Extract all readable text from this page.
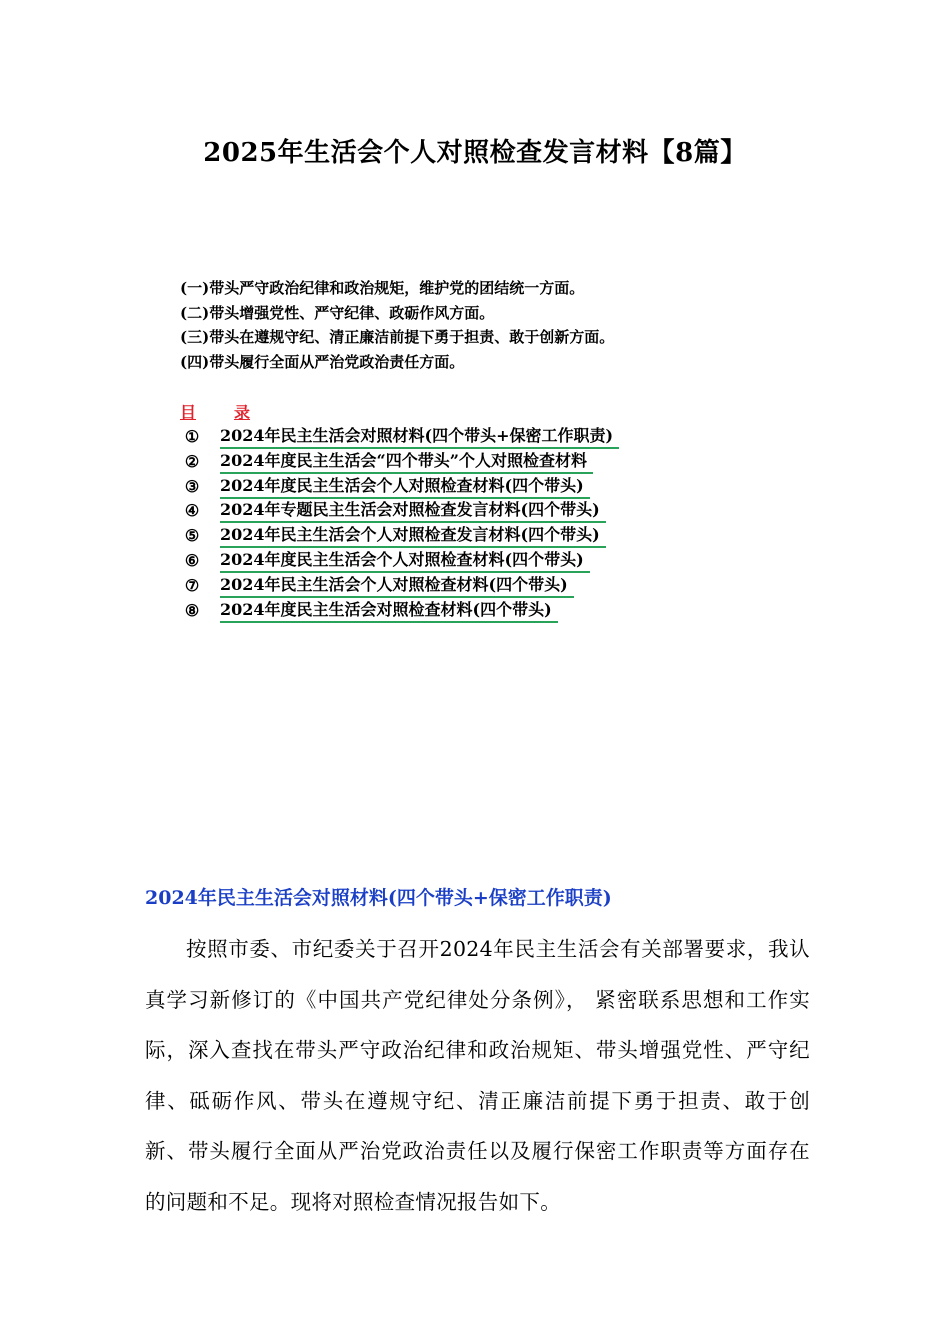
2025年生活会个人对照检查发言材料【8篇】
(一)带头严守政治纪律和政治规矩，维护党的团结统一方面。
(二)带头增强党性、严守纪律、政砺作风方面。
(三)带头在遵规守纪、清正廉洁前提下勇于担责、敢于创新方面。
(四)带头履行全面从严治党政治责任方面。
目 录
① 2024年民主生活会对照材料(四个带头+保密工作职责)
② 2024年度民主生活会“四个带头”个人对照检查材料
③ 2024年度民主生活会个人对照检查材料(四个带头)
④ 2024年专题民主生活会对照检查发言材料(四个带头)
⑤ 2024年民主生活会个人对照检查发言材料(四个带头)
⑥ 2024年度民主生活会个人对照检查材料(四个带头)
⑦ 2024年民主生活会个人对照检查材料(四个带头)
⑧ 2024年度民主生活会对照检查材料(四个带头)
2024年民主生活会对照材料(四个带头+保密工作职责)
按照市委、市纪委关于召开2024年民主生活会有关部署要求，我认真学习新修订的《中国共产党纪律处分条例》， 紧密联系思想和工作实际，深入查找在带头严守政治纪律和政治规矩、带头增强党性、严守纪律、砥砺作风、带头在遵规守纪、清正廉洁前提下勇于担责、敢于创新、带头履行全面从严治党政治责任以及履行保密工作职责等方面存在的问题和不足。现将对照检查情况报告如下。
